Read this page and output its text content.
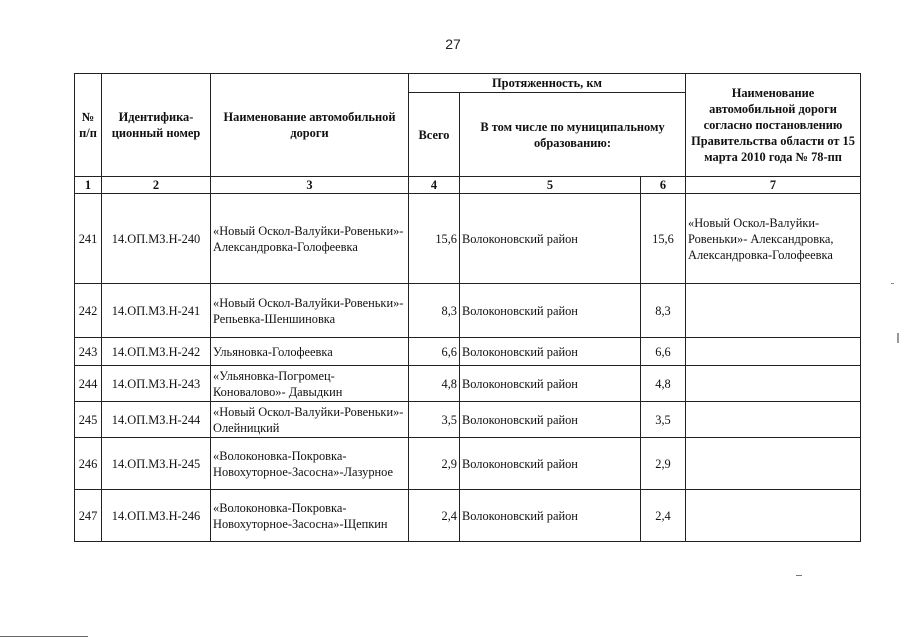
27
№ п/п	Идентифика-ционный номер	Наименование автомобильной дороги	Протяженность, км			Наименование автомобильной дороги согласно постановлению Правительства области от 15 марта 2010 года № 78-пп
			Всего	В том числе по муниципальному образованию:		
1	2	3	4	5	6	7
241	14.ОП.МЗ.Н-240	«Новый Оскол-Валуйки-Ровеньки»-Александровка-Голофеевка	15,6	Волоконовский район	15,6	«Новый Оскол-Валуйки-Ровеньки»- Александровка, Александровка-Голофеевка
242	14.ОП.МЗ.Н-241	«Новый Оскол-Валуйки-Ровеньки»-Репьевка-Шеншиновка	8,3	Волоконовский район	8,3	
243	14.ОП.МЗ.Н-242	Ульяновка-Голофеевка	6,6	Волоконовский район	6,6	
244	14.ОП.МЗ.Н-243	«Ульяновка-Погромец-Коновалово»- Давыдкин	4,8	Волоконовский район	4,8	
245	14.ОП.МЗ.Н-244	«Новый Оскол-Валуйки-Ровеньки»-Олейницкий	3,5	Волоконовский район	3,5	
246	14.ОП.МЗ.Н-245	«Волоконовка-Покровка-Новохуторное-Засосна»-Лазурное	2,9	Волоконовский район	2,9	
247	14.ОП.МЗ.Н-246	«Волоконовка-Покровка-Новохуторное-Засосна»-Щепкин	2,4	Волоконовский район	2,4	
